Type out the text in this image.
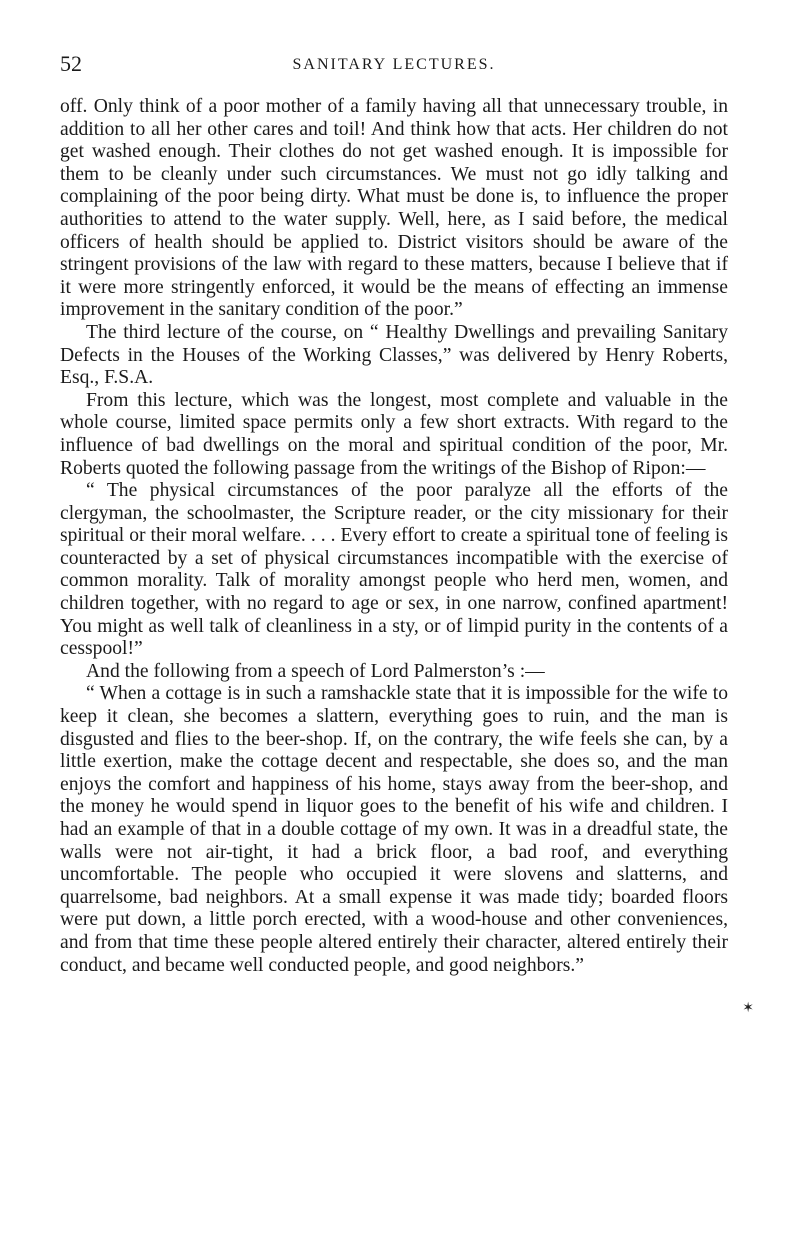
52	SANITARY LECTURES.

off. Only think of a poor mother of a family having all that unnecessary trouble, in addition to all her other cares and toil! And think how that acts. Her children do not get washed enough. Their clothes do not get washed enough. It is impossible for them to be cleanly under such circumstances. We must not go idly talking and complaining of the poor being dirty. What must be done is, to influence the proper authorities to attend to the water supply. Well, here, as I said before, the medical officers of health should be applied to. District visitors should be aware of the stringent provisions of the law with regard to these matters, because I believe that if it were more stringently enforced, it would be the means of effecting an immense improvement in the sanitary condition of the poor.”

The third lecture of the course, on “ Healthy Dwellings and prevailing Sanitary Defects in the Houses of the Working Classes,” was delivered by Henry Roberts, Esq., F.S.A.

From this lecture, which was the longest, most complete and valuable in the whole course, limited space permits only a few short extracts. With regard to the influence of bad dwellings on the moral and spiritual condition of the poor, Mr. Roberts quoted the following passage from the writings of the Bishop of Ripon:—

“ The physical circumstances of the poor paralyze all the efforts of the clergyman, the schoolmaster, the Scripture reader, or the city missionary for their spiritual or their moral welfare. . . . Every effort to create a spiritual tone of feeling is counteracted by a set of physical circumstances incompatible with the exercise of common morality. Talk of morality amongst people who herd men, women, and children together, with no regard to age or sex, in one narrow, confined apartment! You might as well talk of cleanliness in a sty, or of limpid purity in the contents of a cesspool!”

And the following from a speech of Lord Palmerston’s :—

“ When a cottage is in such a ramshackle state that it is impossible for the wife to keep it clean, she becomes a slattern, everything goes to ruin, and the man is disgusted and flies to the beer-shop. If, on the contrary, the wife feels she can, by a little exertion, make the cottage decent and respectable, she does so, and the man enjoys the comfort and happiness of his home, stays away from the beer-shop, and the money he would spend in liquor goes to the benefit of his wife and children. I had an example of that in a double cottage of my own. It was in a dreadful state, the walls were not air-tight, it had a brick floor, a bad roof, and everything uncomfortable. The people who occupied it were slovens and slatterns, and quarrelsome, bad neighbors. At a small expense it was made tidy; boarded floors were put down, a little porch erected, with a wood-house and other conveniences, and from that time these people altered entirely their character, altered entirely their conduct, and became well conducted people, and good neighbors.”

✶
